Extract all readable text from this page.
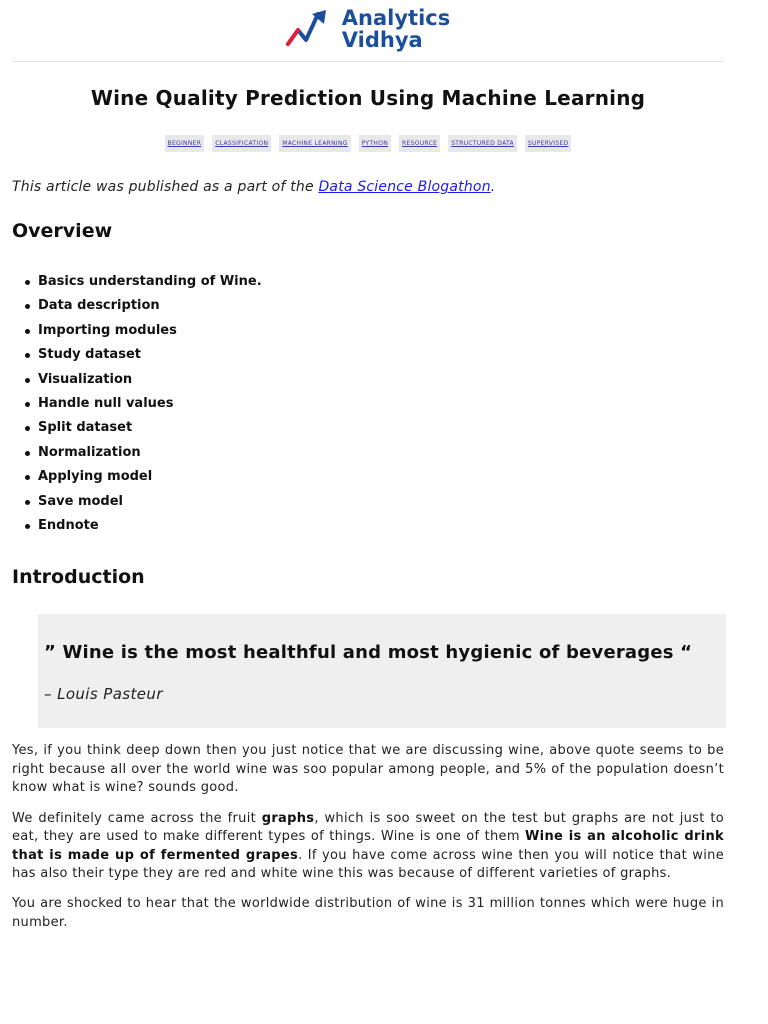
Analytics
Vidhya
Wine Quality Prediction Using Machine Learning
BEGINNER	CLASSIFICATION	MACHINE LEARNING	PYTHON	RESOURCE	STRUCTURED DATA	SUPERVISED
This article was published as a part of the Data Science Blogathon.
Overview
Basics understanding of Wine.
Data description
Importing modules
Study dataset
Visualization
Handle null values
Split dataset
Normalization
Applying model
Save model
Endnote
Introduction
” Wine is the most healthful and most hygienic of beverages “
– Louis Pasteur

Yes, if you think deep down then you just notice that we are discussing wine, above quote seems to be right because all over the world wine was soo popular among people, and 5% of the population doesn’t know what is wine? sounds good.

We definitely came across the fruit graphs, which is soo sweet on the test but graphs are not just to eat, they are used to make different types of things. Wine is one of them Wine is an alcoholic drink that is made up of fermented grapes. If you have come across wine then you will notice that wine has also their type they are red and white wine this was because of different varieties of graphs.

You are shocked to hear that the worldwide distribution of wine is 31 million tonnes which were huge in number.
